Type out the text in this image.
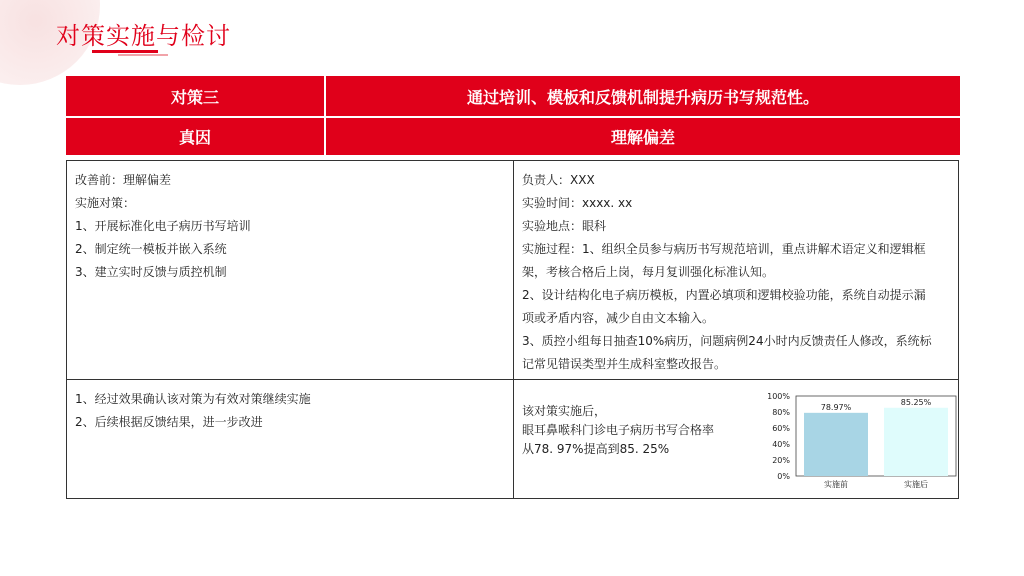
对策实施与检讨
对策三	通过培训、模板和反馈机制提升病历书写规范性。
真因	理解偏差

改善前：理解偏差

实施对策：

1、开展标准化电子病历书写培训

2、制定统一模板并嵌入系统

3、建立实时反馈与质控机制

负责人：XXX

实验时间：xxxx. xx

实验地点：眼科

实施过程：1、组织全员参与病历书写规范培训，重点讲解术语定义和逻辑框

架，考核合格后上岗，每月复训强化标准认知。

2、设计结构化电子病历模板，内置必填项和逻辑校验功能，系统自动提示漏

项或矛盾内容，减少自由文本输入。

3、质控小组每日抽查10%病历，问题病例24小时内反馈责任人修改，系统标

记常见错误类型并生成科室整改报告。

1、经过效果确认该对策为有效对策继续实施

2、后续根据反馈结果，进一步改进

该对策实施后，

眼耳鼻喉科门诊电子病历书写合格率

从78. 97%提高到85. 25%

0%
20%
40%
60%
80%
100%
78.97%
实施前
85.25%
实施后
